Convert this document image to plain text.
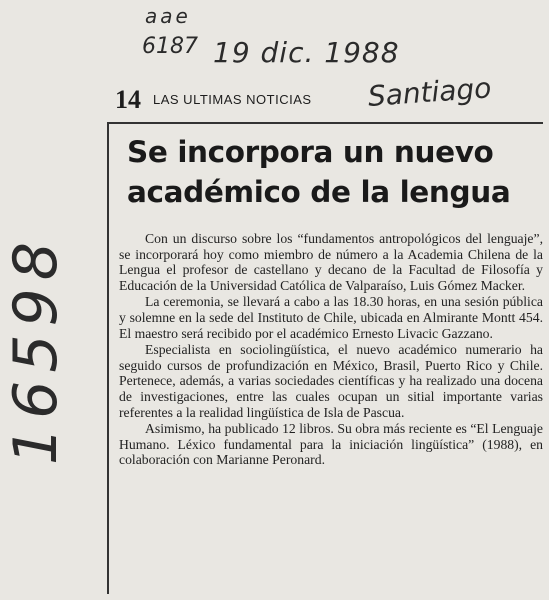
aae
6187 19 dic. 1988
Santiago
16598
14 LAS ULTIMAS NOTICIAS
Se incorpora un nuevo académico de la lengua

Con un discurso sobre los “fundamentos antropológicos del lenguaje”, se incorporará hoy como miembro de número a la Academia Chilena de la Lengua el profesor de castellano y decano de la Facultad de Filosofía y Educación de la Universidad Católica de Valparaíso, Luis Gómez Macker.

La ceremonia, se llevará a cabo a las 18.30 horas, en una sesión pública y solemne en la sede del Instituto de Chile, ubicada en Almirante Montt 454. El maestro será recibido por el académico Ernesto Livacic Gazzano.

Especialista en sociolingüística, el nuevo académico numerario ha seguido cursos de profundización en México, Brasil, Puerto Rico y Chile. Pertenece, además, a varias sociedades científicas y ha realizado una docena de investigaciones, entre las cuales ocupan un sitial importante varias referentes a la realidad lingüística de Isla de Pascua.

Asimismo, ha publicado 12 libros. Su obra más reciente es “El Lenguaje Humano. Léxico fundamental para la iniciación lingüística” (1988), en colaboración con Marianne Peronard.
